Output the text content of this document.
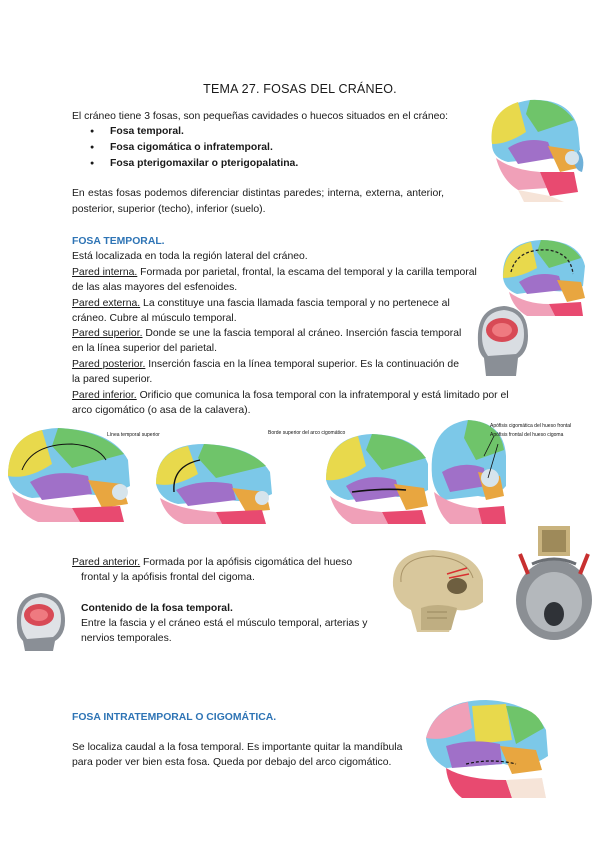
TEMA 27. FOSAS DEL CRÁNEO.
El cráneo tiene 3 fosas, son pequeñas cavidades o huecos situados en el cráneo:
● Fosa temporal.
● Fosa cigomática o infratemporal.
● Fosa pterigomaxilar o pterigopalatina.
En estas fosas podemos diferenciar distintas paredes; interna, externa, anterior,
posterior, superior (techo), inferior (suelo).
FOSA TEMPORAL.
Está localizada en toda la región lateral del cráneo.
Pared interna. Formada por parietal, frontal, la escama del temporal y la carilla temporal
de las alas mayores del esfenoides.
Pared externa. La constituye una fascia llamada fascia temporal y no pertenece al
cráneo. Cubre al músculo temporal.
Pared superior. Donde se une la fascia temporal al cráneo. Inserción fascia temporal
en la línea superior del parietal.
Pared posterior. Inserción fascia en la línea temporal superior. Es la continuación de
la pared superior.
Pared inferior. Orificio que comunica la fosa temporal con la infratemporal y está limitado por el
arco cigomático (o asa de la calavera).
Pared anterior. Formada por la apófisis cigomática del hueso
frontal y la apófisis frontal del cigoma.
Contenido de la fosa temporal.
Entre la fascia y el cráneo está el músculo temporal, arterias y
nervios temporales.
FOSA INTRATEMPORAL O CIGOMÁTICA.
Se localiza caudal a la fosa temporal. Es importante quitar la mandíbula
para poder ver bien esta fosa. Queda por debajo del arco cigomático.
Línea temporal superior	Borde superior del arco cigomático
Apófisis cigomática del hueso frontal
Apófisis frontal del hueso cigoma
